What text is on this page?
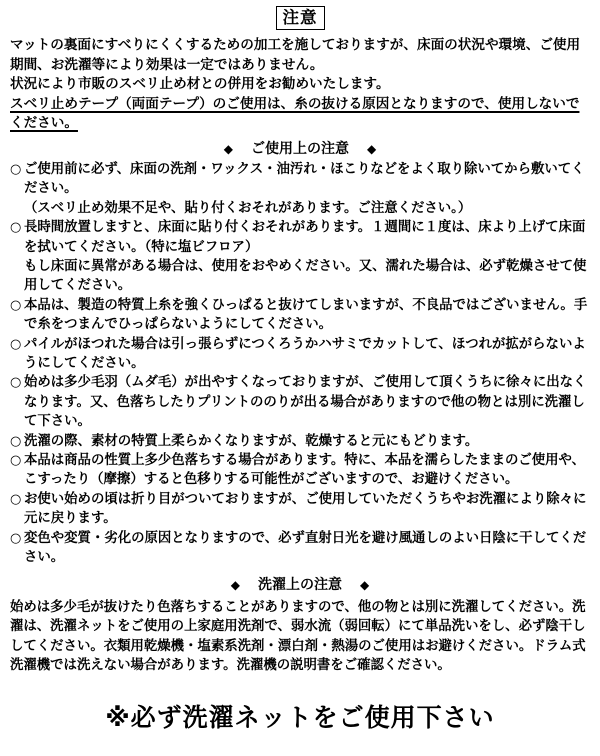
注意

マットの裏面にすべりにくくするための加工を施しておりますが、床面の状況や環境、ご使用期間、お洗濯等により効果は一定ではありません。

状況により市販のスベリ止め材との併用をお勧めいたします。

スベリ止めテープ（両面テープ）のご使用は、糸の抜ける原因となりますので、使用しないでください。

◆ ご使用上の注意 ◆
○ ご使用前に必ず、床面の洗剤・ワックス・油汚れ・ほこりなどをよく取り除いてから敷いてください。
（スベリ止め効果不足や、貼り付くおそれがあります。ご注意ください。）
○ 長時間放置しますと、床面に貼り付くおそれがあります。１週間に１度は、床より上げて床面を拭いてください。（特に塩ビフロア）
もし床面に異常がある場合は、使用をおやめください。又、濡れた場合は、必ず乾燥させて使用してください。
○ 本品は、製造の特質上糸を強くひっぱると抜けてしまいますが、不良品ではございません。手で糸をつまんでひっぱらないようにしてください。
○ パイルがほつれた場合は引っ張らずにつくろうかハサミでカットして、ほつれが拡がらないようにしてください。
○ 始めは多少毛羽（ムダ毛）が出やすくなっておりますが、ご使用して頂くうちに徐々に出なくなります。又、色落ちしたりプリントののりが出る場合がありますので他の物とは別に洗濯して下さい。
○ 洗濯の際、素材の特質上柔らかくなりますが、乾燥すると元にもどります。
○ 本品は商品の性質上多少色落ちする場合があります。特に、本品を濡らしたままのご使用や、こすったり（摩擦）すると色移りする可能性がございますので、お避けください。
○ お使い始めの頃は折り目がついておりますが、ご使用していただくうちやお洗濯により除々に元に戻ります。
○ 変色や変質・劣化の原因となりますので、必ず直射日光を避け風通しのよい日陰に干してください。
◆ 洗濯上の注意 ◆
始めは多少毛が抜けたり色落ちすることがありますので、他の物とは別に洗濯してください。洗濯は、洗濯ネットをご使用の上家庭用洗剤で、弱水流（弱回転）にて単品洗いをし、必ず陰干ししてください。衣類用乾燥機・塩素系洗剤・漂白剤・熱湯のご使用はお避けください。ドラム式洗濯機では洗えない場合があります。洗濯機の説明書をご確認ください。
※必ず洗濯ネットをご使用下さい
